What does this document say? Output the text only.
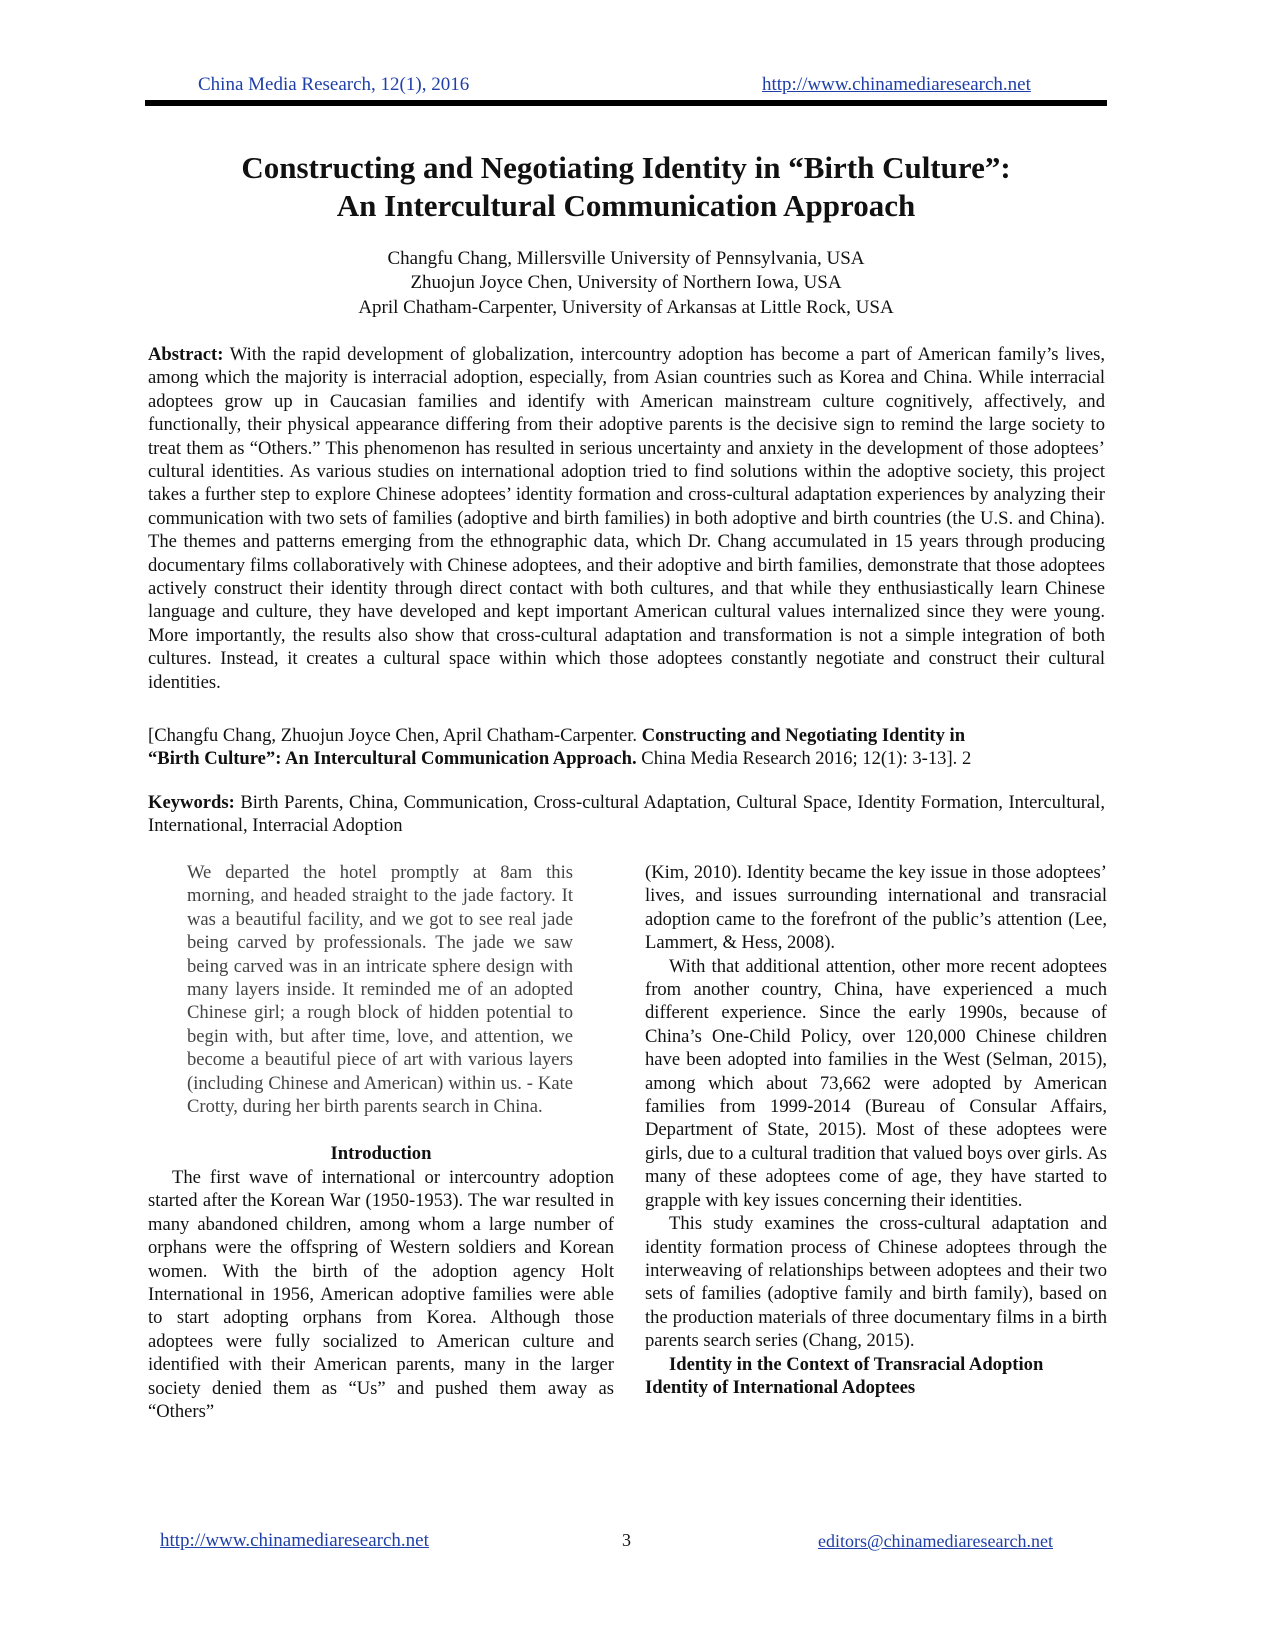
China Media Research, 12(1), 2016	http://www.chinamediaresearch.net
Constructing and Negotiating Identity in “Birth Culture”:
An Intercultural Communication Approach
Changfu Chang, Millersville University of Pennsylvania, USA
Zhuojun Joyce Chen, University of Northern Iowa, USA
April Chatham-Carpenter, University of Arkansas at Little Rock, USA
Abstract: With the rapid development of globalization, intercountry adoption has become a part of American family’s lives, among which the majority is interracial adoption, especially, from Asian countries such as Korea and China. While interracial adoptees grow up in Caucasian families and identify with American mainstream culture cognitively, affectively, and functionally, their physical appearance differing from their adoptive parents is the decisive sign to remind the large society to treat them as “Others.” This phenomenon has resulted in serious uncertainty and anxiety in the development of those adoptees’ cultural identities. As various studies on international adoption tried to find solutions within the adoptive society, this project takes a further step to explore Chinese adoptees’ identity formation and cross-cultural adaptation experiences by analyzing their communication with two sets of families (adoptive and birth families) in both adoptive and birth countries (the U.S. and China). The themes and patterns emerging from the ethnographic data, which Dr. Chang accumulated in 15 years through producing documentary films collaboratively with Chinese adoptees, and their adoptive and birth families, demonstrate that those adoptees actively construct their identity through direct contact with both cultures, and that while they enthusiastically learn Chinese language and culture, they have developed and kept important American cultural values internalized since they were young. More importantly, the results also show that cross-cultural adaptation and transformation is not a simple integration of both cultures. Instead, it creates a cultural space within which those adoptees constantly negotiate and construct their cultural identities.
[Changfu Chang, Zhuojun Joyce Chen, April Chatham-Carpenter. Constructing and Negotiating Identity in
“Birth Culture”: An Intercultural Communication Approach. China Media Research 2016; 12(1): 3-13]. 2
Keywords: Birth Parents, China, Communication, Cross-cultural Adaptation, Cultural Space, Identity Formation, Intercultural, International, Interracial Adoption
We departed the hotel promptly at 8am this morning, and headed straight to the jade factory. It was a beautiful facility, and we got to see real jade being carved by professionals. The jade we saw being carved was in an intricate sphere design with many layers inside. It reminded me of an adopted Chinese girl; a rough block of hidden potential to begin with, but after time, love, and attention, we become a beautiful piece of art with various layers (including Chinese and American) within us. - Kate Crotty, during her birth parents search in China.
Introduction
The first wave of international or intercountry adoption started after the Korean War (1950-1953). The war resulted in many abandoned children, among whom a large number of orphans were the offspring of Western soldiers and Korean women. With the birth of the adoption agency Holt International in 1956, American adoptive families were able to start adopting orphans from Korea. Although those adoptees were fully socialized to American culture and identified with their American parents, many in the larger society denied them as “Us” and pushed them away as “Others”

(Kim, 2010). Identity became the key issue in those adoptees’ lives, and issues surrounding international and transracial adoption came to the forefront of the public’s attention (Lee, Lammert, & Hess, 2008).

With that additional attention, other more recent adoptees from another country, China, have experienced a much different experience. Since the early 1990s, because of China’s One-Child Policy, over 120,000 Chinese children have been adopted into families in the West (Selman, 2015), among which about 73,662 were adopted by American families from 1999-2014 (Bureau of Consular Affairs, Department of State, 2015). Most of these adoptees were girls, due to a cultural tradition that valued boys over girls. As many of these adoptees come of age, they have started to grapple with key issues concerning their identities.

This study examines the cross-cultural adaptation and identity formation process of Chinese adoptees through the interweaving of relationships between adoptees and their two sets of families (adoptive family and birth family), based on the production materials of three documentary films in a birth parents search series (Chang, 2015).

Identity in the Context of Transracial Adoption

Identity of International Adoptees

http://www.chinamediaresearch.net	3	editors@chinamediaresearch.net
